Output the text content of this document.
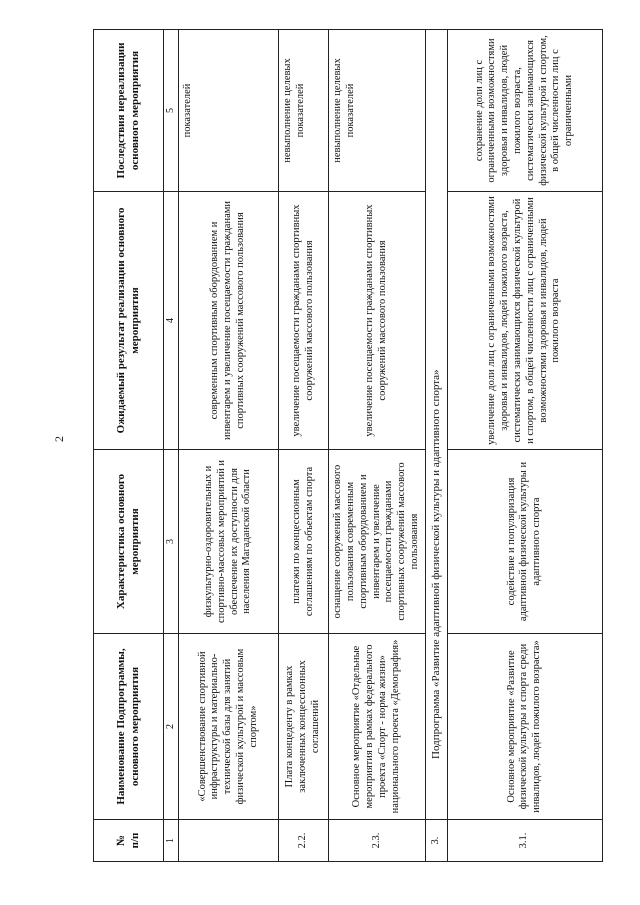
2
№
п/п	Наименование Подпрограммы, основного мероприятия	Характеристика основного мероприятия	Ожидаемый результат реализации основного мероприятия	Последствия нереализации основного мероприятия
1	2	3	4	5
	«Совершенствование спортивной инфраструктуры и материально-технической базы для занятий физической культурой и массовым спортом»	физкультурно-оздоровительных и спортивно-массовых мероприятий и обеспечение их доступности для населения Магаданской области	современным спортивным оборудованием и инвентарем и увеличение посещаемости гражданами спортивных сооружений массового пользования	показателей
2.2.	Плата концеденту в рамках заключенных концессионных соглашений	платежи по концессионным соглашениям по объектам спорта	увеличение посещаемости гражданами спортивных сооружений массового пользования	невыполнение целевых показателей
2.3.	Основное мероприятие «Отдельные мероприятия в рамках федерального проекта «Спорт - норма жизни» национального проекта «Демография»	оснащение сооружений массового пользования современным спортивным оборудованием и инвентарем и увеличение посещаемости гражданами спортивных сооружений массового пользования	увеличение посещаемости гражданами спортивных сооружений массового пользования	невыполнение целевых показателей
3.	Подпрограмма «Развитие адаптивной физической культуры и адаптивного спорта»			
3.1.	Основное мероприятие «Развитие физической культуры и спорта среди инвалидов, людей пожилого возраста»	содействие и популяризация адаптивной физической культуры и адаптивного спорта	увеличение доли лиц с ограниченными возможностями здоровья и инвалидов, людей пожилого возраста, систематически занимающихся физической культурой и спортом, в общей численности лиц с ограниченными возможностями здоровья и инвалидов, людей пожилого возраста	сохранение доли лиц с ограниченными возможностями здоровья и инвалидов, людей пожилого возраста, систематически занимающихся физической культурой и спортом, в общей численности лиц с ограниченными
